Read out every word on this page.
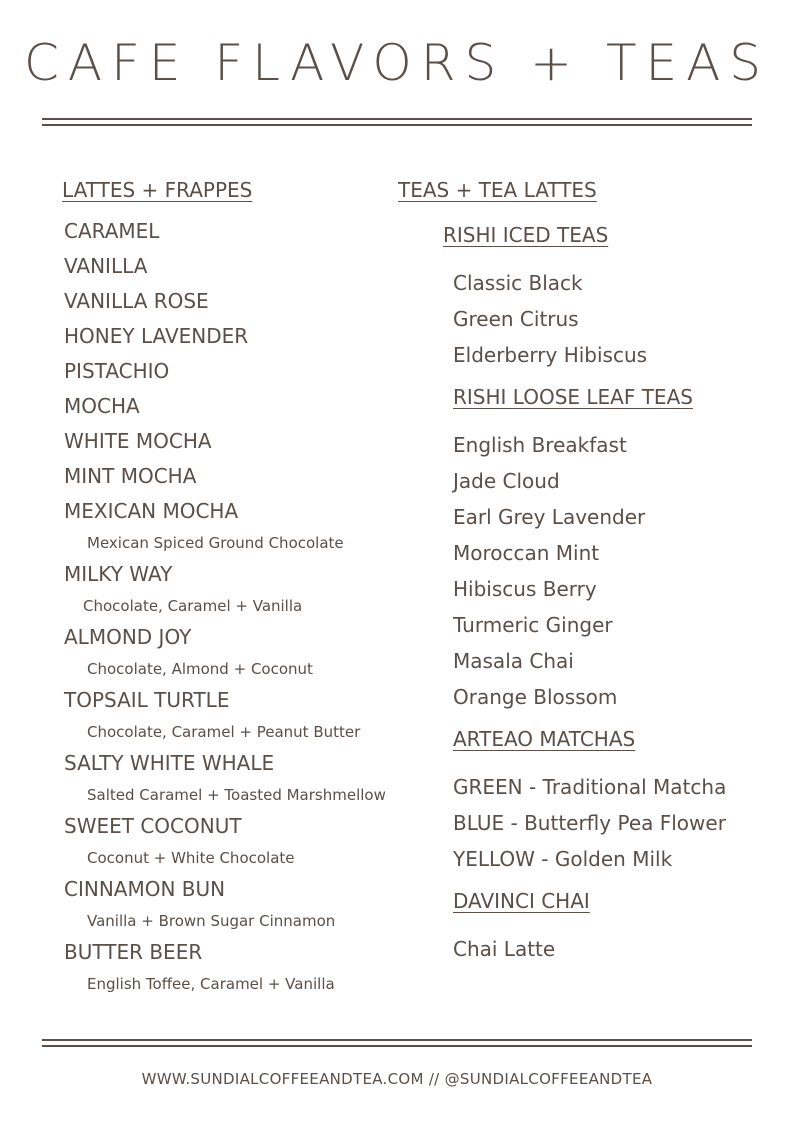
CAFE FLAVORS + TEAS
LATTES + FRAPPES
CARAMEL
VANILLA
VANILLA ROSE
HONEY LAVENDER
PISTACHIO
MOCHA
WHITE MOCHA
MINT MOCHA
MEXICAN MOCHA
Mexican Spiced Ground Chocolate
MILKY WAY
Chocolate, Caramel + Vanilla
ALMOND JOY
Chocolate, Almond + Coconut
TOPSAIL TURTLE
Chocolate, Caramel + Peanut Butter
SALTY WHITE WHALE
Salted Caramel + Toasted Marshmellow
SWEET COCONUT
Coconut + White Chocolate
CINNAMON BUN
Vanilla + Brown Sugar Cinnamon
BUTTER BEER
English Toffee, Caramel + Vanilla
TEAS + TEA LATTES
RISHI ICED TEAS
Classic Black
Green Citrus
Elderberry Hibiscus
RISHI LOOSE LEAF TEAS
English Breakfast
Jade Cloud
Earl Grey Lavender
Moroccan Mint
Hibiscus Berry
Turmeric Ginger
Masala Chai
Orange Blossom
ARTEAO MATCHAS
GREEN - Traditional Matcha
BLUE - Butterfly Pea Flower
YELLOW - Golden Milk
DAVINCI CHAI
Chai Latte
WWW.SUNDIALCOFFEEANDTEA.COM // @SUNDIALCOFFEEANDTEA
